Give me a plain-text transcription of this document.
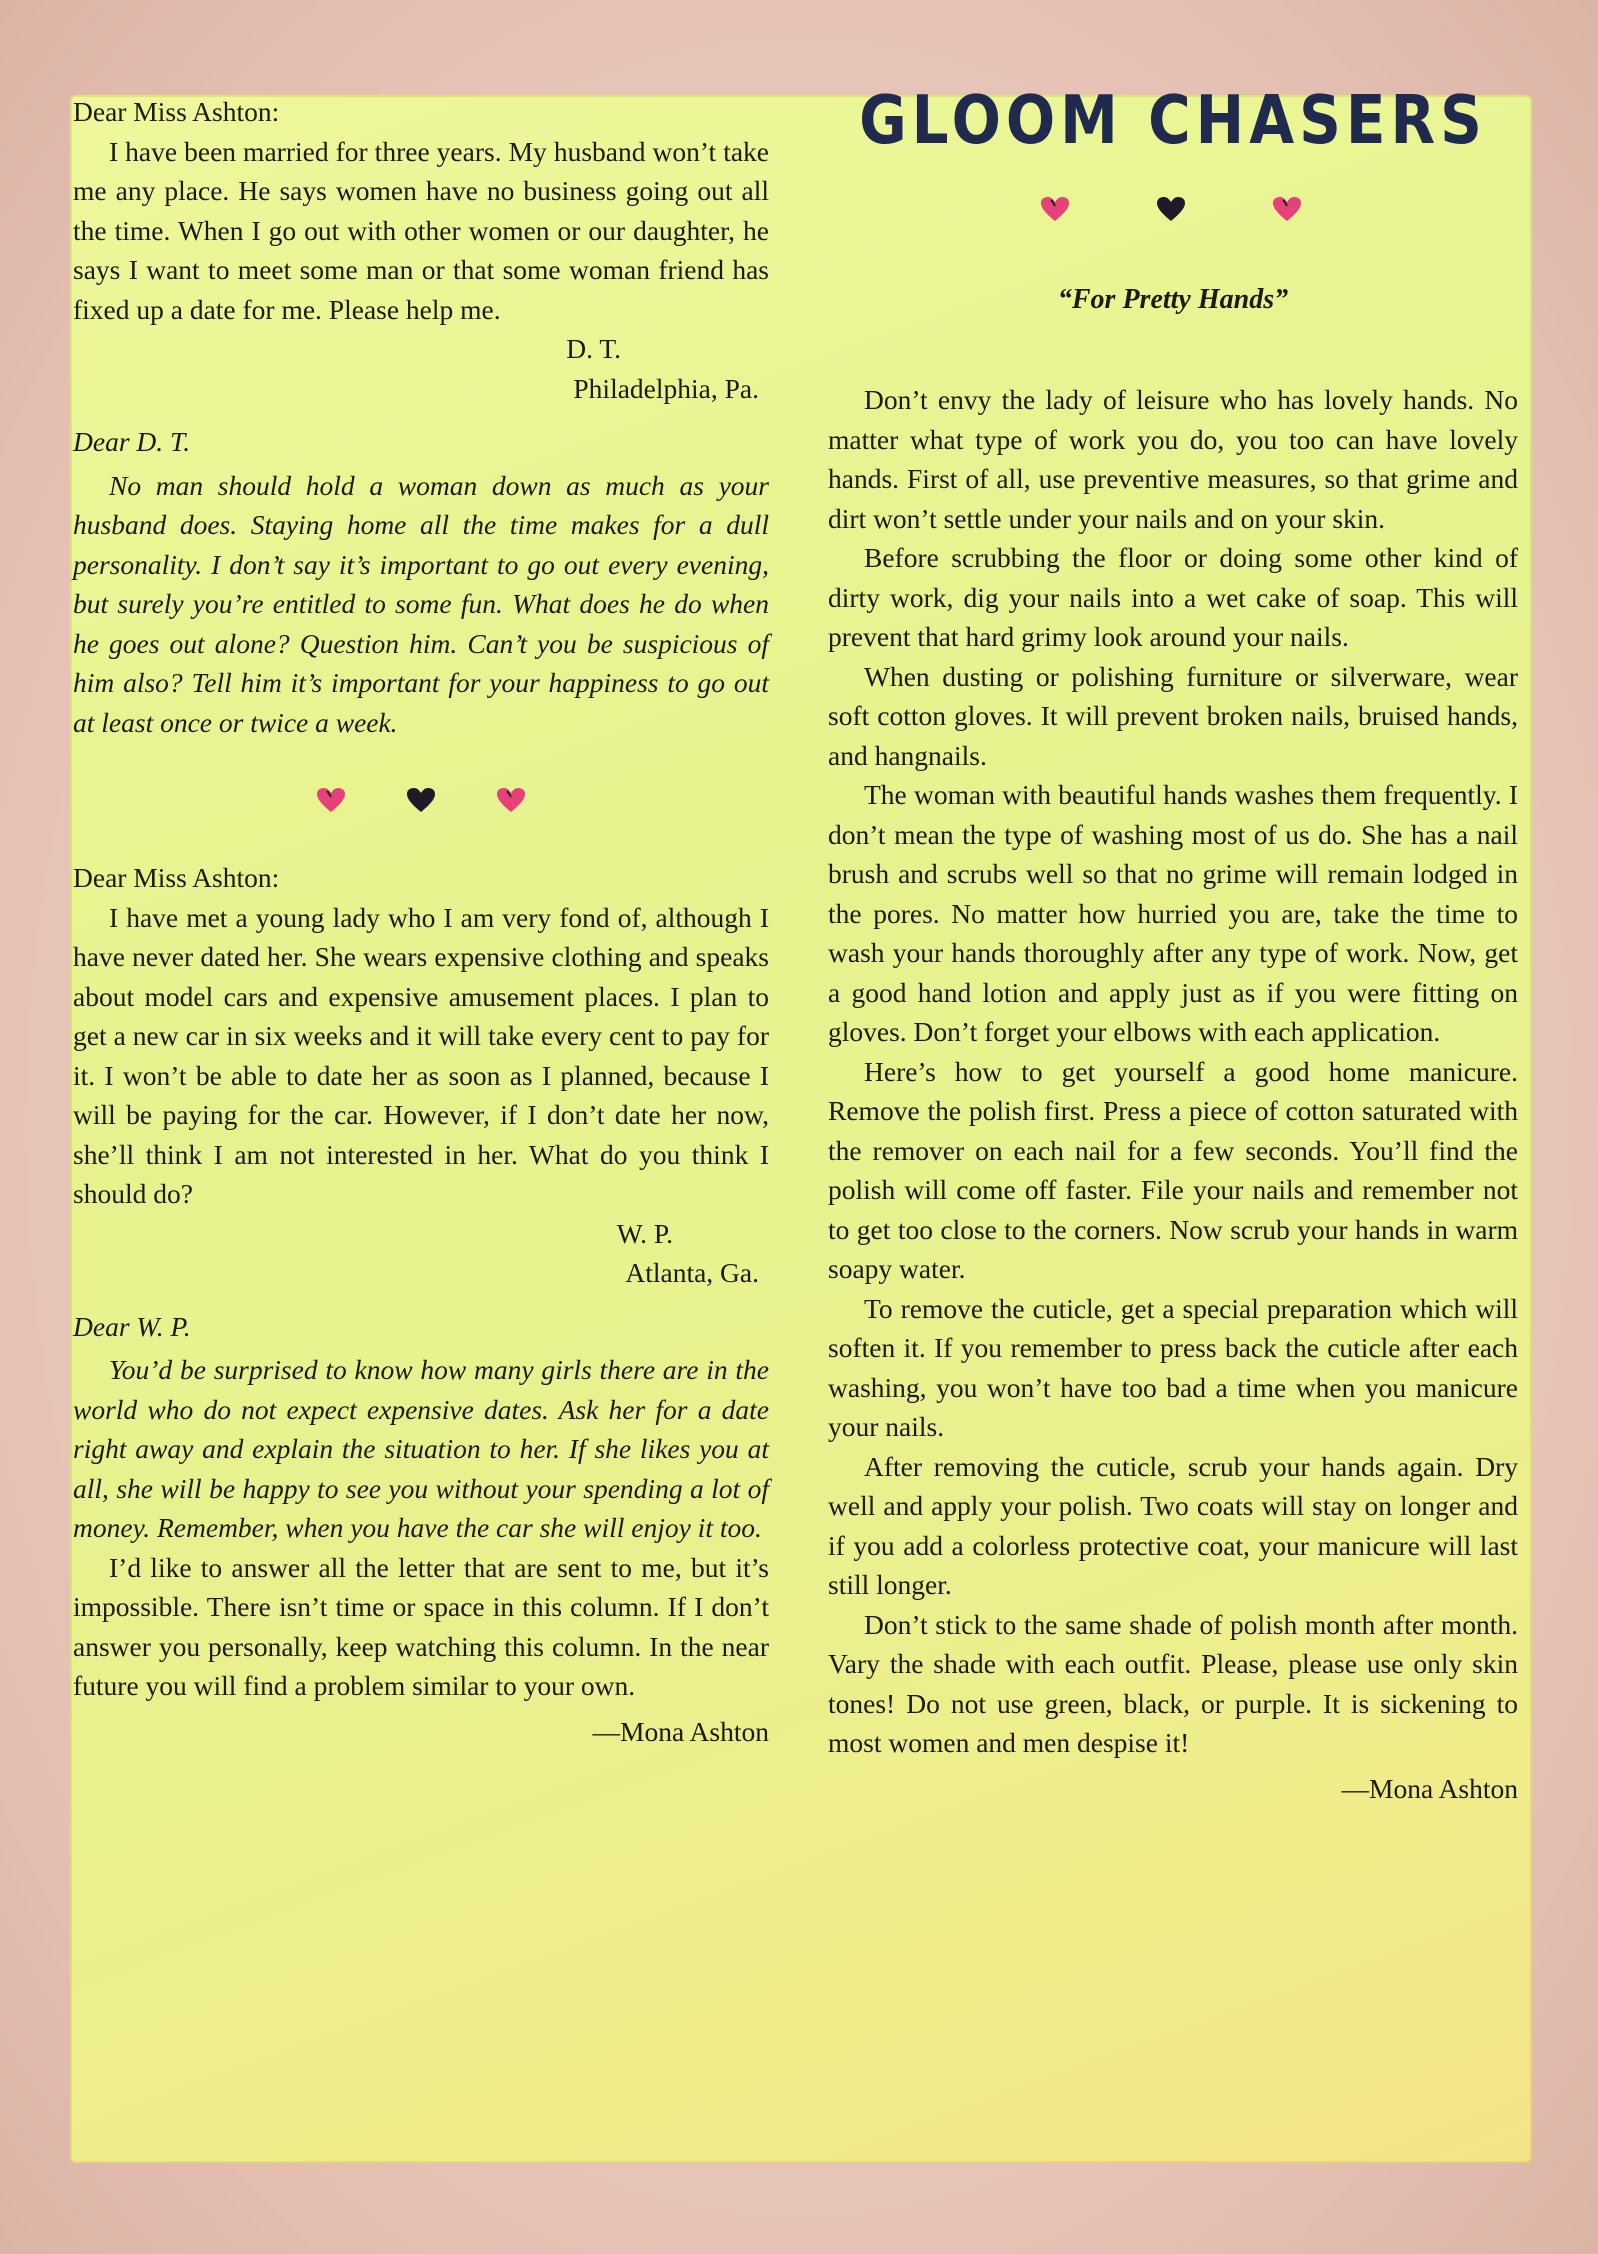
Dear Miss Ashton:

I have been married for three years. My husband won’t take me any place. He says women have no business going out all the time. When I go out with other women or our daughter, he says I want to meet some man or that some woman friend has fixed up a date for me. Please help me.

D. T.
Philadelphia, Pa.

Dear D. T.

No man should hold a woman down as much as your husband does. Staying home all the time makes for a dull personality. I don’t say it’s important to go out every evening, but surely you’re entitled to some fun. What does he do when he goes out alone? Question him. Can’t you be suspicious of him also? Tell him it’s important for your happiness to go out at least once or twice a week.

Dear Miss Ashton:

I have met a young lady who I am very fond of, although I have never dated her. She wears expensive clothing and speaks about model cars and expensive amusement places. I plan to get a new car in six weeks and it will take every cent to pay for it. I won’t be able to date her as soon as I planned, because I will be paying for the car. However, if I don’t date her now, she’ll think I am not interested in her. What do you think I should do?

W. P.
Atlanta, Ga.

Dear W. P.

You’d be surprised to know how many girls there are in the world who do not expect expensive dates. Ask her for a date right away and explain the situation to her. If she likes you at all, she will be happy to see you without your spending a lot of money. Remember, when you have the car she will enjoy it too.

I’d like to answer all the letter that are sent to me, but it’s impossible. There isn’t time or space in this column. If I don’t answer you personally, keep watching this column. In the near future you will find a problem similar to your own.

—Mona Ashton

GLOOM CHASERS
“For Pretty Hands”

Don’t envy the lady of leisure who has lovely hands. No matter what type of work you do, you too can have lovely hands. First of all, use preventive measures, so that grime and dirt won’t settle under your nails and on your skin.

Before scrubbing the floor or doing some other kind of dirty work, dig your nails into a wet cake of soap. This will prevent that hard grimy look around your nails.

When dusting or polishing furniture or silverware, wear soft cotton gloves. It will prevent broken nails, bruised hands, and hangnails.

The woman with beautiful hands washes them frequently. I don’t mean the type of washing most of us do. She has a nail brush and scrubs well so that no grime will remain lodged in the pores. No matter how hurried you are, take the time to wash your hands thoroughly after any type of work. Now, get a good hand lotion and apply just as if you were fitting on gloves. Don’t forget your elbows with each application.

Here’s how to get yourself a good home manicure. Remove the polish first. Press a piece of cotton saturated with the remover on each nail for a few seconds. You’ll find the polish will come off faster. File your nails and remember not to get too close to the corners. Now scrub your hands in warm soapy water.

To remove the cuticle, get a special preparation which will soften it. If you remember to press back the cuticle after each washing, you won’t have too bad a time when you manicure your nails.

After removing the cuticle, scrub your hands again. Dry well and apply your polish. Two coats will stay on longer and if you add a colorless protective coat, your manicure will last still longer.

Don’t stick to the same shade of polish month after month. Vary the shade with each outfit. Please, please use only skin tones! Do not use green, black, or purple. It is sickening to most women and men despise it!

—Mona Ashton
